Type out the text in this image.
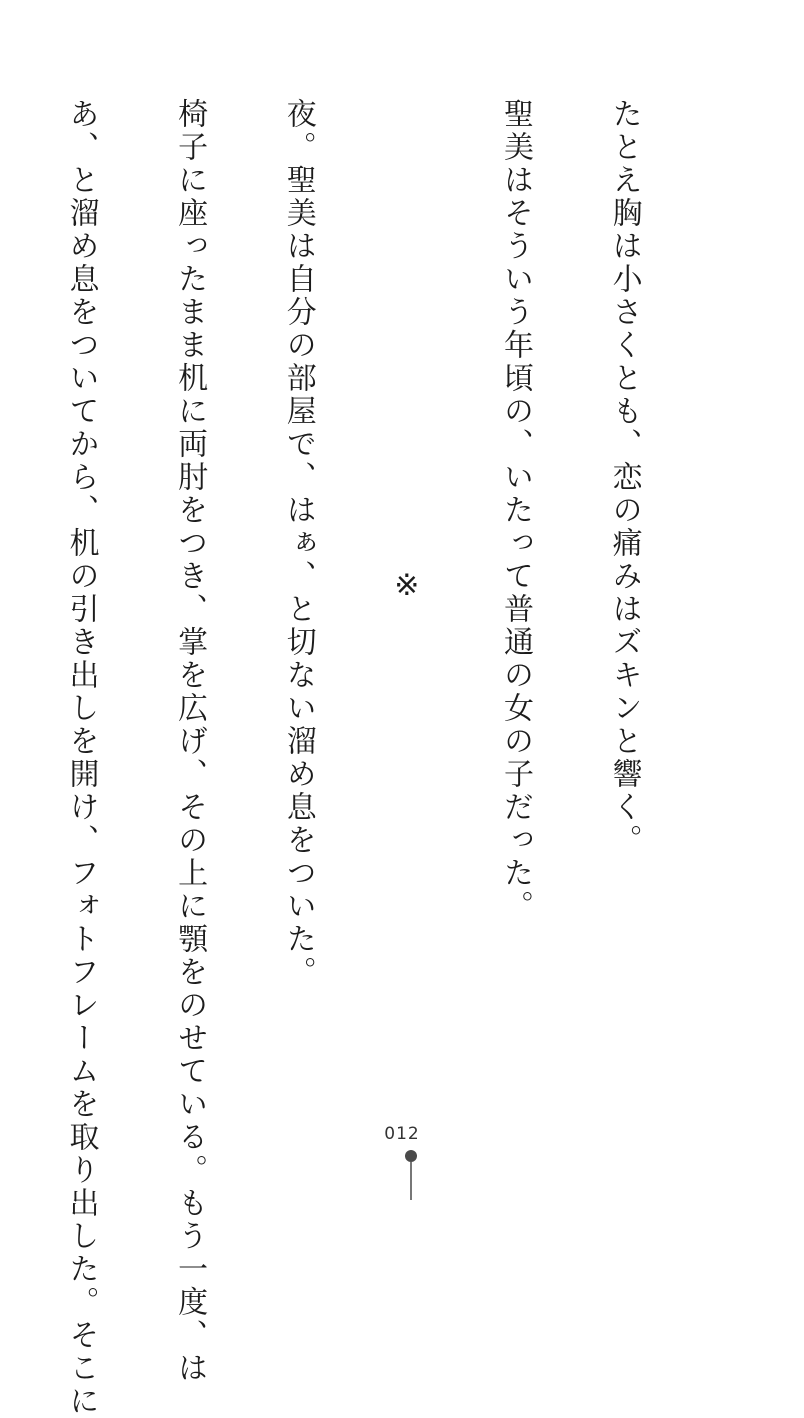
たとえ胸は小さくとも、恋の痛みはズキンと響く。

聖美はそういう年頃の、いたって普通の女の子だった。

※

夜。聖美は自分の部屋で、はぁ、と切ない溜め息をついた。

椅子に座ったまま机に両肘をつき、掌を広げ、その上に顎をのせている。もう一度、は

あ、と溜め息をついてから、机の引き出しを開け、フォトフレームを取り出した。そこに

	012
